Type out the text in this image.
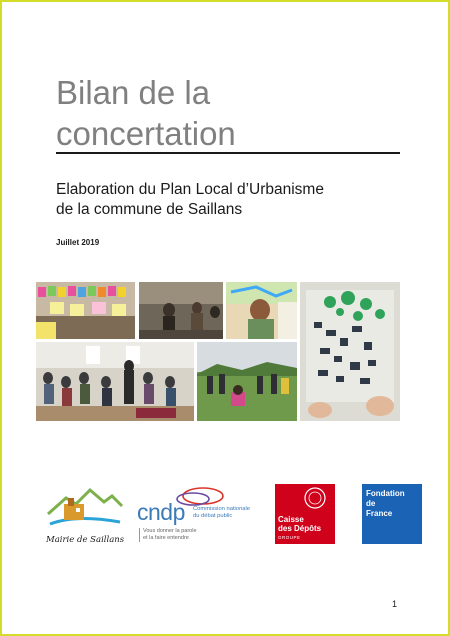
Bilan de la
concertation
Elaboration du Plan Local d’Urbanisme
de la commune de Saillans
Juillet 2019
Mairie de Saillans
cndp Commission nationale
du débat public
Vous donner la parole
et la faire entendre
Caisse
des Dépôts
GROUPE
Fondation
de
France
1
